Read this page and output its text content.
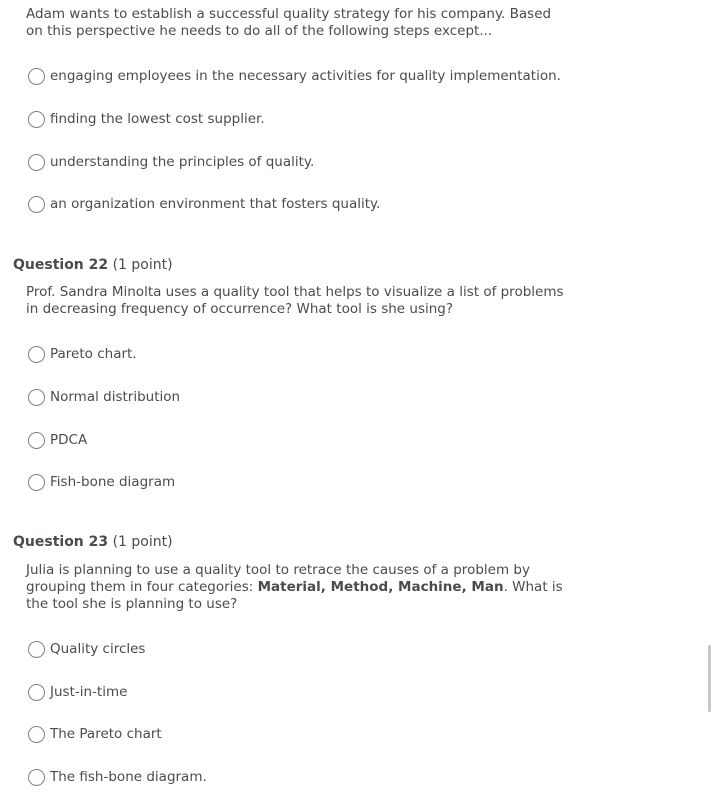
Adam wants to establish a successful quality strategy for his company. Based on this perspective he needs to do all of the following steps except...
engaging employees in the necessary activities for quality implementation.
finding the lowest cost supplier.
understanding the principles of quality.
an organization environment that fosters quality.
Question 22 (1 point)
Prof. Sandra Minolta uses a quality tool that helps to visualize a list of problems in decreasing frequency of occurrence? What tool is she using?
Pareto chart.
Normal distribution
PDCA
Fish-bone diagram
Question 23 (1 point)
Julia is planning to use a quality tool to retrace the causes of a problem by grouping them in four categories: Material, Method, Machine, Man. What is the tool she is planning to use?
Quality circles
Just-in-time
The Pareto chart
The fish-bone diagram.
